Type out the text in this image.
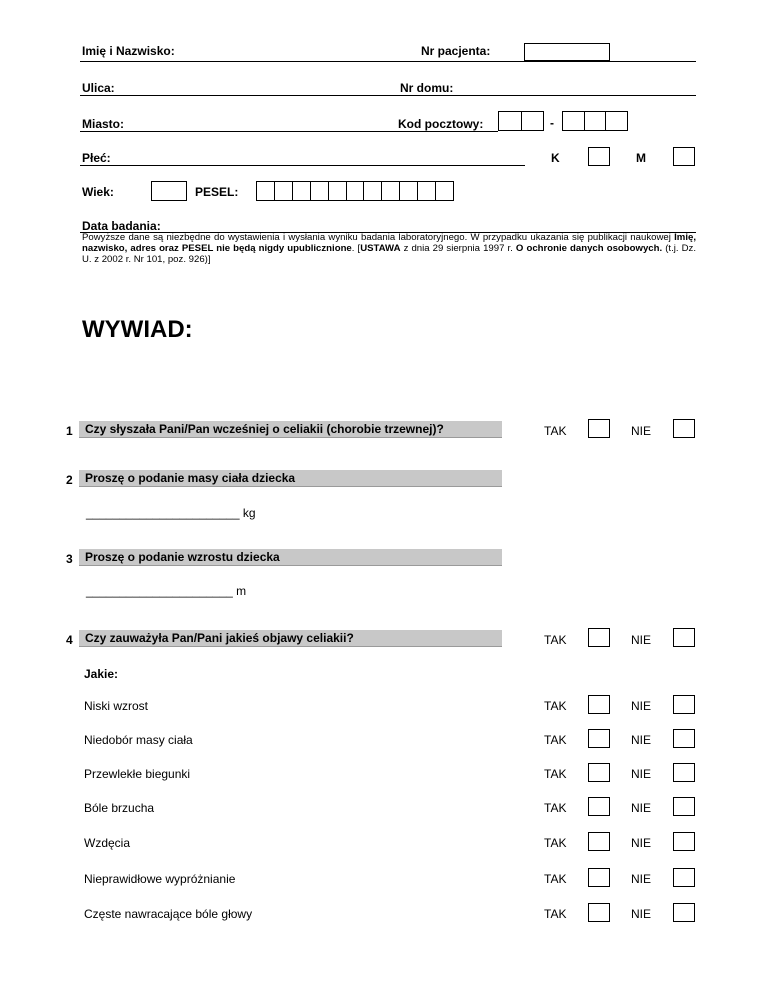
Imię i Nazwisko:	Nr pacjenta:
Ulica:	Nr domu:
Miasto:	Kod pocztowy:	-
Płeć:	K	M
Wiek:	PESEL:
Data badania:
Powyższe dane są niezbędne do wystawienia i wysłania wyniku badania laboratoryjnego. W przypadku ukazania się publikacji naukowej Imię, nazwisko, adres oraz PESEL nie będą nigdy upublicznione. [USTAWA z dnia 29 sierpnia 1997 r. O ochronie danych osobowych. (t.j. Dz. U. z 2002 r. Nr 101, poz. 926)]
WYWIAD:
1	Czy słyszała Pani/Pan wcześniej o celiakii (chorobie trzewnej)?	TAK	NIE
2	Proszę o podanie masy ciała dziecka
_______________________ kg
3	Proszę o podanie wzrostu dziecka
______________________ m
4	Czy zauważyła Pan/Pani jakieś objawy celiakii?	TAK	NIE
Jakie:
Niski wzrost	TAK	NIE
Niedobór masy ciała	TAK	NIE
Przewlekłe biegunki	TAK	NIE
Bóle brzucha	TAK	NIE
Wzdęcia	TAK	NIE
Nieprawidłowe wypróżnianie	TAK	NIE
Częste nawracające bóle głowy	TAK	NIE
